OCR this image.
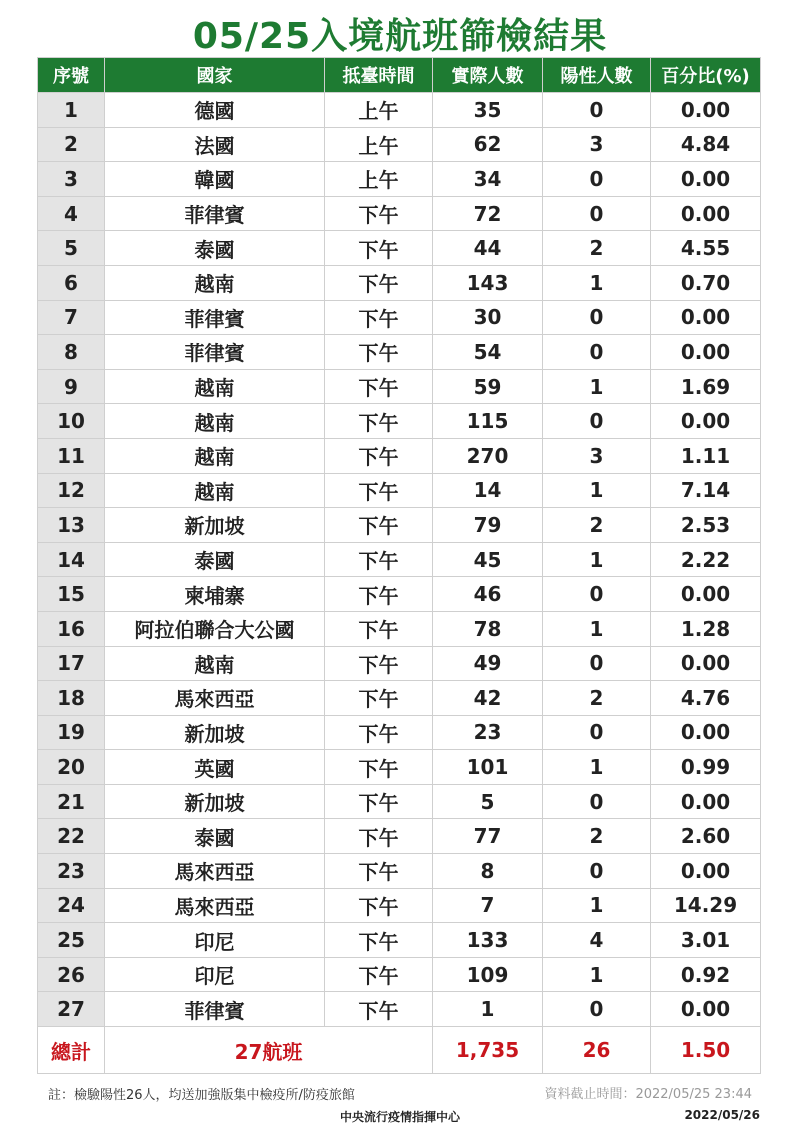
05/25入境航班篩檢結果
序號	國家	抵臺時間	實際人數	陽性人數	百分比(%)
1	德國	上午	35	0	0.00
2	法國	上午	62	3	4.84
3	韓國	上午	34	0	0.00
4	菲律賓	下午	72	0	0.00
5	泰國	下午	44	2	4.55
6	越南	下午	143	1	0.70
7	菲律賓	下午	30	0	0.00
8	菲律賓	下午	54	0	0.00
9	越南	下午	59	1	1.69
10	越南	下午	115	0	0.00
11	越南	下午	270	3	1.11
12	越南	下午	14	1	7.14
13	新加坡	下午	79	2	2.53
14	泰國	下午	45	1	2.22
15	柬埔寨	下午	46	0	0.00
16	阿拉伯聯合大公國	下午	78	1	1.28
17	越南	下午	49	0	0.00
18	馬來西亞	下午	42	2	4.76
19	新加坡	下午	23	0	0.00
20	英國	下午	101	1	0.99
21	新加坡	下午	5	0	0.00
22	泰國	下午	77	2	2.60
23	馬來西亞	下午	8	0	0.00
24	馬來西亞	下午	7	1	14.29
25	印尼	下午	133	4	3.01
26	印尼	下午	109	1	0.92
27	菲律賓	下午	1	0	0.00
總計	27航班		1,735	26	1.50
註：檢驗陽性26人，均送加強版集中檢疫所/防疫旅館	資料截止時間：2022/05/25 23:44
中央流行疫情指揮中心	2022/05/26
